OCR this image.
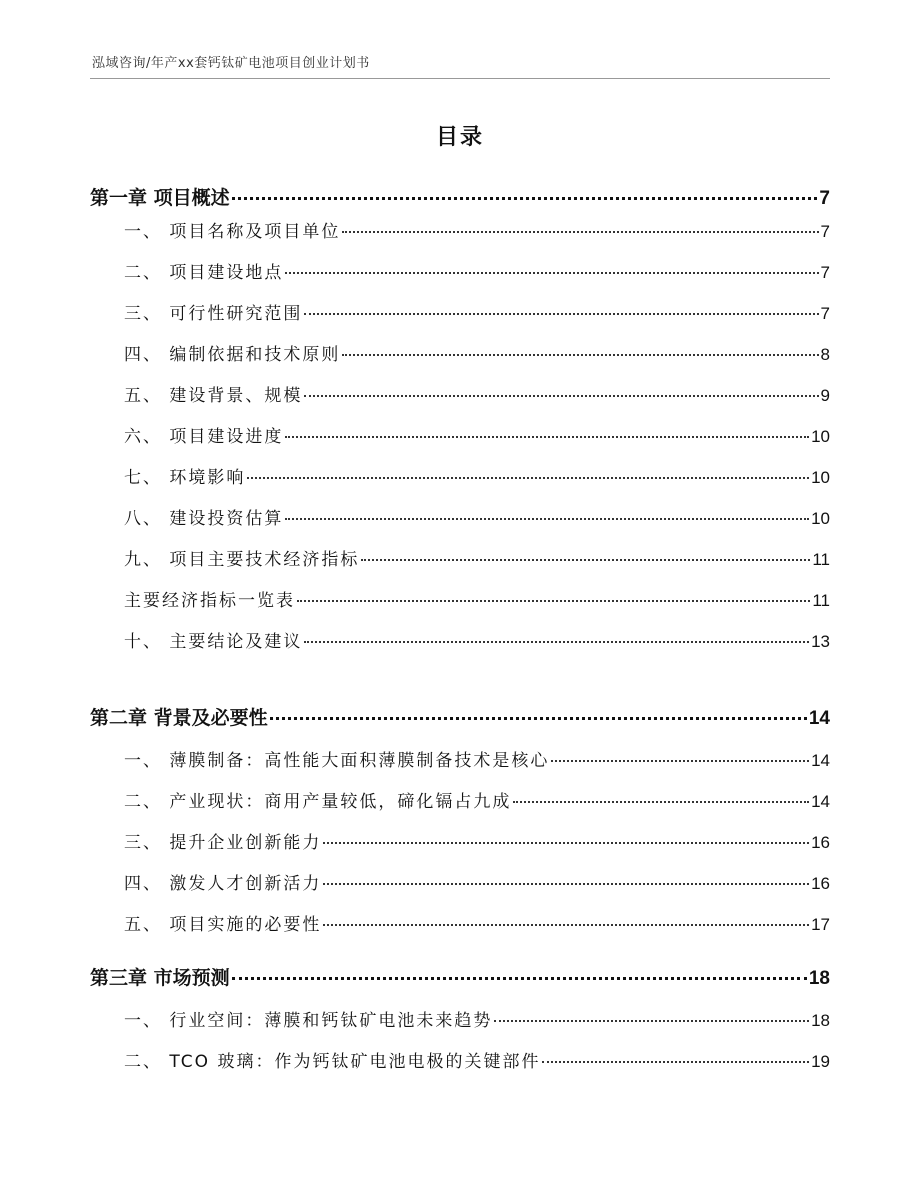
泓域咨询/年产xx套钙钛矿电池项目创业计划书
目录
第一章 项目概述	7
一、 项目名称及项目单位	7
二、 项目建设地点	7
三、 可行性研究范围	7
四、 编制依据和技术原则	8
五、 建设背景、规模	9
六、 项目建设进度	10
七、 环境影响	10
八、 建设投资估算	10
九、 项目主要技术经济指标	11
主要经济指标一览表	11
十、 主要结论及建议	13
第二章 背景及必要性	14
一、 薄膜制备：高性能大面积薄膜制备技术是核心	14
二、 产业现状：商用产量较低，碲化镉占九成	14
三、 提升企业创新能力	16
四、 激发人才创新活力	16
五、 项目实施的必要性	17
第三章 市场预测	18
一、 行业空间：薄膜和钙钛矿电池未来趋势	18
二、 TCO 玻璃：作为钙钛矿电池电极的关键部件	19
